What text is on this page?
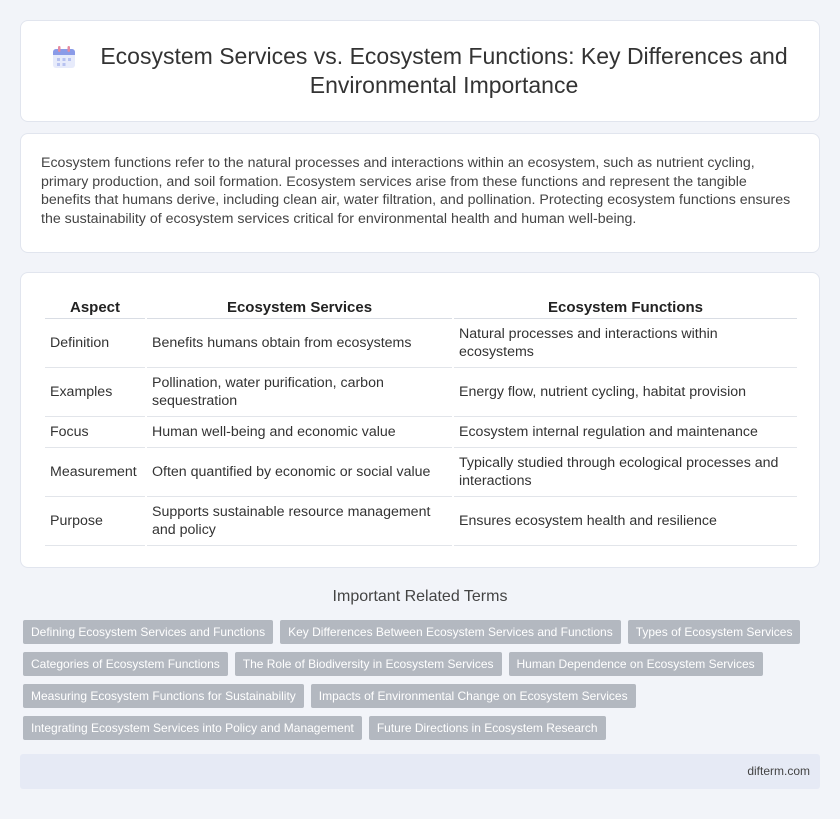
Ecosystem Services vs. Ecosystem Functions: Key Differences and Environmental Importance

Ecosystem functions refer to the natural processes and interactions within an ecosystem, such as nutrient cycling, primary production, and soil formation. Ecosystem services arise from these functions and represent the tangible benefits that humans derive, including clean air, water filtration, and pollination. Protecting ecosystem functions ensures the sustainability of ecosystem services critical for environmental health and human well-being.

Aspect	Ecosystem Services	Ecosystem Functions
Definition	Benefits humans obtain from ecosystems	Natural processes and interactions within ecosystems
Examples	Pollination, water purification, carbon sequestration	Energy flow, nutrient cycling, habitat provision
Focus	Human well-being and economic value	Ecosystem internal regulation and maintenance
Measurement	Often quantified by economic or social value	Typically studied through ecological processes and interactions
Purpose	Supports sustainable resource management and policy	Ensures ecosystem health and resilience
Important Related Terms
Defining Ecosystem Services and Functions	Key Differences Between Ecosystem Services and Functions	Types of Ecosystem Services
Categories of Ecosystem Functions	The Role of Biodiversity in Ecosystem Services	Human Dependence on Ecosystem Services
Measuring Ecosystem Functions for Sustainability	Impacts of Environmental Change on Ecosystem Services
Integrating Ecosystem Services into Policy and Management	Future Directions in Ecosystem Research
difterm.com
